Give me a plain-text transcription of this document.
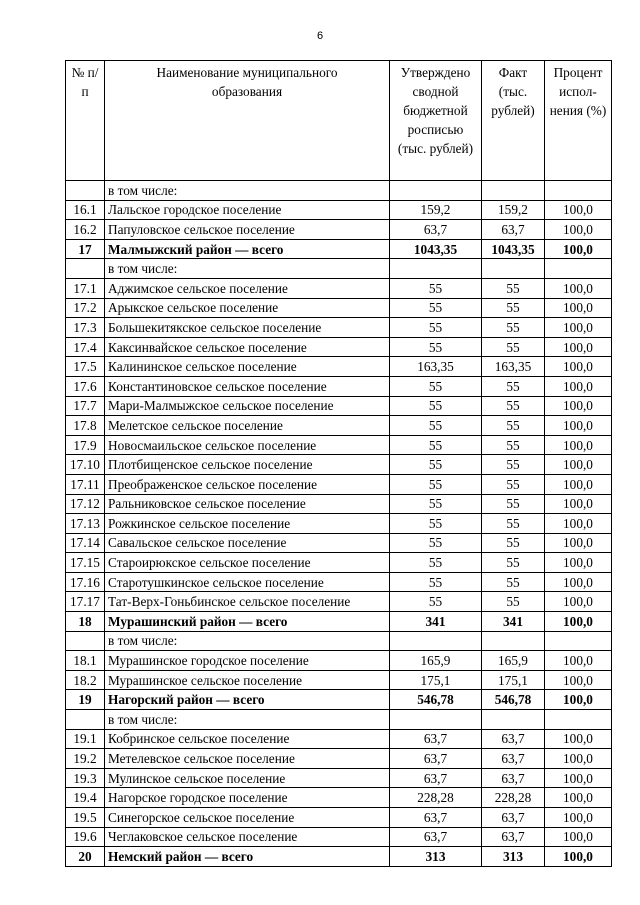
6
№ п/п	Наименование муниципального образования	Утверждено сводной бюджетной росписью (тыс. рублей)	Факт (тыс. рублей)	Процент испол-нения (%)
	в том числе:			
16.1	Лальское городское поселение	159,2	159,2	100,0
16.2	Папуловское сельское поселение	63,7	63,7	100,0
17	Малмыжский район — всего	1043,35	1043,35	100,0
	в том числе:			
17.1	Аджимское сельское поселение	55	55	100,0
17.2	Арыкское сельское поселение	55	55	100,0
17.3	Большекитякское сельское поселение	55	55	100,0
17.4	Каксинвайское сельское поселение	55	55	100,0
17.5	Калининское сельское поселение	163,35	163,35	100,0
17.6	Константиновское сельское поселение	55	55	100,0
17.7	Мари-Малмыжское сельское поселение	55	55	100,0
17.8	Мелетское сельское поселение	55	55	100,0
17.9	Новосмаильское сельское поселение	55	55	100,0
17.10	Плотбищенское сельское поселение	55	55	100,0
17.11	Преображенское сельское поселение	55	55	100,0
17.12	Ральниковское сельское поселение	55	55	100,0
17.13	Рожкинское сельское поселение	55	55	100,0
17.14	Савальское сельское поселение	55	55	100,0
17.15	Староирюкское сельское поселение	55	55	100,0
17.16	Старотушкинское сельское поселение	55	55	100,0
17.17	Тат-Верх-Гоньбинское сельское поселение	55	55	100,0
18	Мурашинский район — всего	341	341	100,0
	в том числе:			
18.1	Мурашинское городское поселение	165,9	165,9	100,0
18.2	Мурашинское сельское поселение	175,1	175,1	100,0
19	Нагорский район — всего	546,78	546,78	100,0
	в том числе:			
19.1	Кобринское сельское поселение	63,7	63,7	100,0
19.2	Метелевское сельское поселение	63,7	63,7	100,0
19.3	Мулинское сельское поселение	63,7	63,7	100,0
19.4	Нагорское городское поселение	228,28	228,28	100,0
19.5	Синегорское сельское поселение	63,7	63,7	100,0
19.6	Чеглаковское сельское поселение	63,7	63,7	100,0
20	Немский район — всего	313	313	100,0
